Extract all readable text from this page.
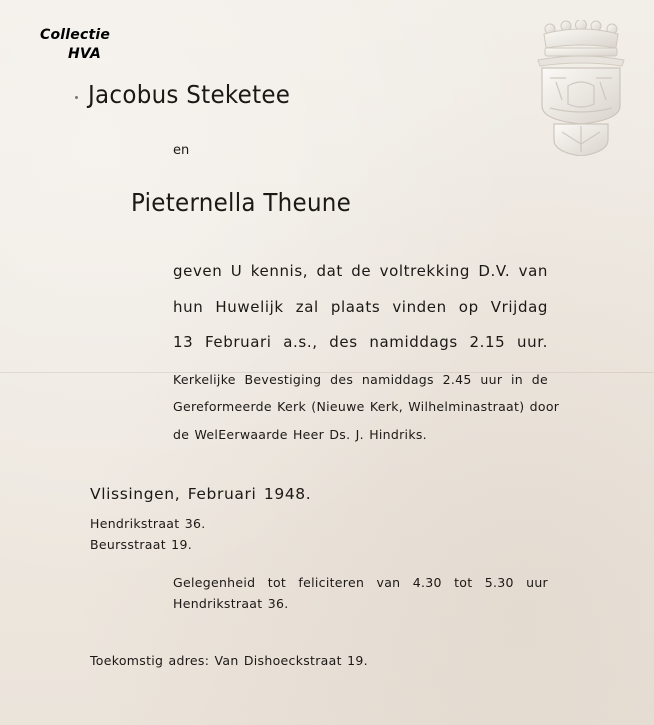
Collectie
HVA
Jacobus Steketee
en
Pieternella Theune
geven U kennis, dat de voltrekking D.V. van
hun Huwelijk zal plaats vinden op Vrijdag
13 Februari a.s., des namiddags 2.15 uur.
Kerkelijke Bevestiging des namiddags 2.45 uur in de
Gereformeerde Kerk (Nieuwe Kerk, Wilhelminastraat) door
de WelEerwaarde Heer Ds. J. Hindriks.
Vlissingen, Februari 1948.
Hendrikstraat 36.
Beursstraat 19.
Gelegenheid tot feliciteren van 4.30 tot 5.30 uur
Hendrikstraat 36.
Toekomstig adres: Van Dishoeckstraat 19.
